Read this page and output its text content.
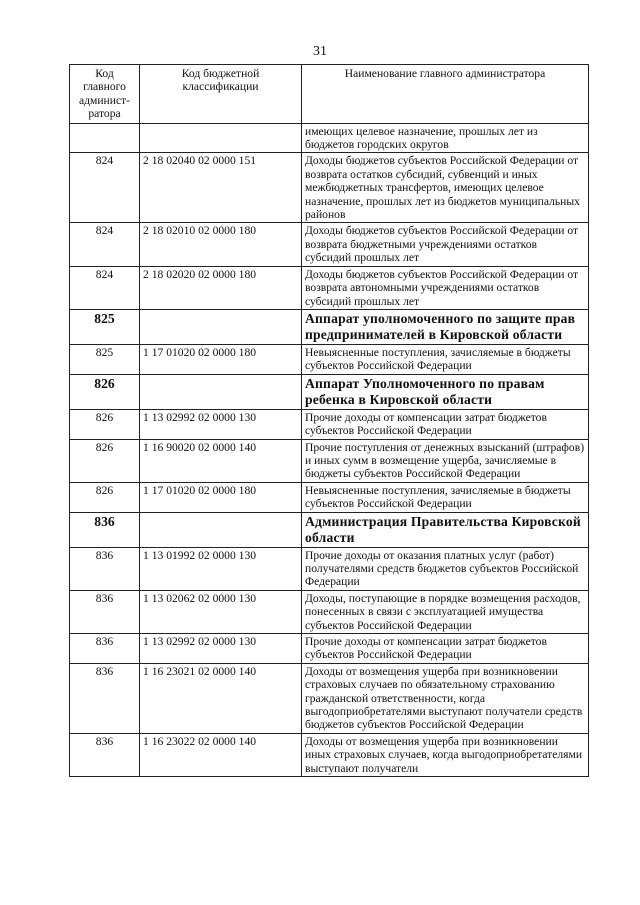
31
Код главного админист-ратора	Код бюджетной классификации	Наименование главного администратора
		имеющих целевое назначение, прошлых лет из бюджетов городских округов
824	2 18 02040 02 0000 151	Доходы бюджетов субъектов Российской Федерации от возврата остатков субсидий, субвенций и иных межбюджетных трансфертов, имеющих целевое назначение, прошлых лет из бюджетов муниципальных районов
824	2 18 02010 02 0000 180	Доходы бюджетов субъектов Российской Федерации от возврата бюджетными учреждениями остатков субсидий прошлых лет
824	2 18 02020 02 0000 180	Доходы бюджетов субъектов Российской Федерации от возврата автономными учреждениями остатков субсидий прошлых лет
825		Аппарат уполномоченного по защите прав предпринимателей в Кировской области
825	1 17 01020 02 0000 180	Невыясненные поступления, зачисляемые в бюджеты субъектов Российской Федерации
826		Аппарат Уполномоченного по правам ребенка в Кировской области
826	1 13 02992 02 0000 130	Прочие доходы от компенсации затрат бюджетов субъектов Российской Федерации
826	1 16 90020 02 0000 140	Прочие поступления от денежных взысканий (штрафов) и иных сумм в возмещение ущерба, зачисляемые в бюджеты субъектов Российской Федерации
826	1 17 01020 02 0000 180	Невыясненные поступления, зачисляемые в бюджеты субъектов Российской Федерации
836		Администрация Правительства Кировской области
836	1 13 01992 02 0000 130	Прочие доходы от оказания платных услуг (работ) получателями средств бюджетов субъектов Российской Федерации
836	1 13 02062 02 0000 130	Доходы, поступающие в порядке возмещения расходов, понесенных в связи с эксплуатацией имущества субъектов Российской Федерации
836	1 13 02992 02 0000 130	Прочие доходы от компенсации затрат бюджетов субъектов Российской Федерации
836	1 16 23021 02 0000 140	Доходы от возмещения ущерба при возникновении страховых случаев по обязательному страхованию гражданской ответственности, когда выгодоприобретателями выступают получатели средств бюджетов субъектов Российской Федерации
836	1 16 23022 02 0000 140	Доходы от возмещения ущерба при возникновении иных страховых случаев, когда выгодоприобретателями выступают получатели
